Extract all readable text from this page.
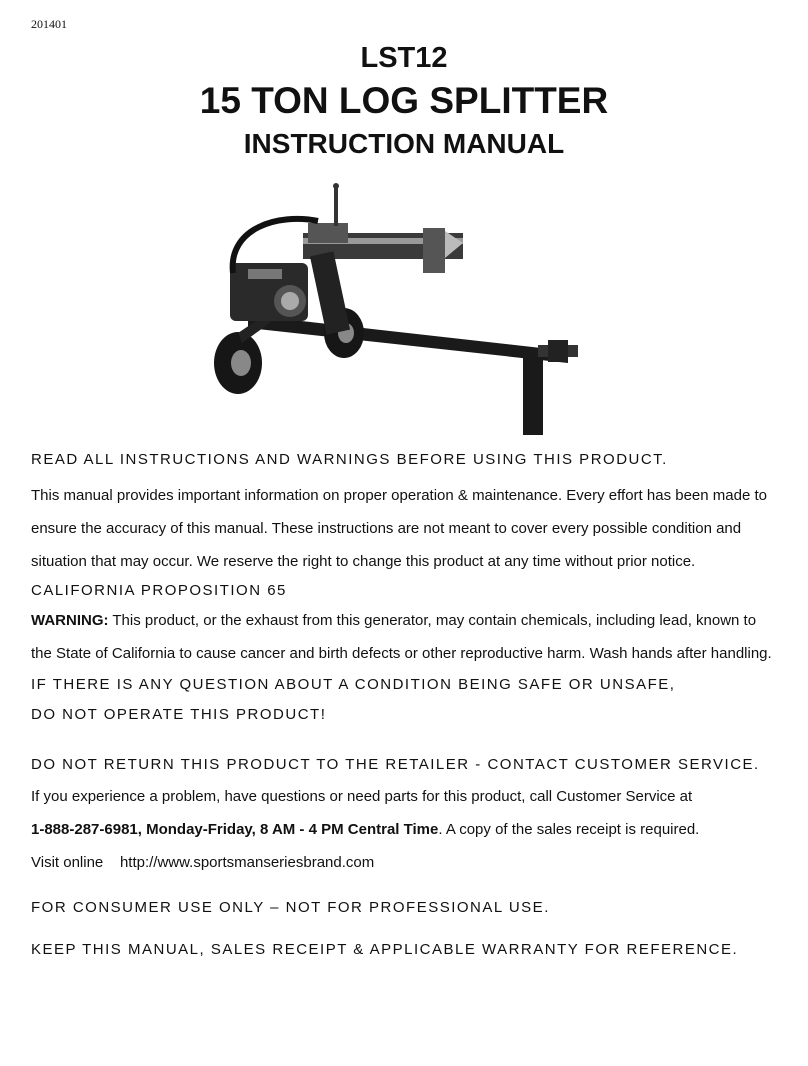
201401
LST12
15 TON LOG SPLITTER
INSTRUCTION MANUAL
READ ALL INSTRUCTIONS AND WARNINGS BEFORE USING THIS PRODUCT.
This manual provides important information on proper operation & maintenance. Every effort has been made to ensure the accuracy of this manual. These instructions are not meant to cover every possible condition and situation that may occur. We reserve the right to change this product at any time without prior notice.
CALIFORNIA PROPOSITION 65
WARNING: This product, or the exhaust from this generator, may contain chemicals, including lead, known to the State of California to cause cancer and birth defects or other reproductive harm. Wash hands after handling.
IF THERE IS ANY QUESTION ABOUT A CONDITION BEING SAFE OR UNSAFE,
DO NOT OPERATE THIS PRODUCT!
DO NOT RETURN THIS PRODUCT TO THE RETAILER - CONTACT CUSTOMER SERVICE.
If you experience a problem, have questions or need parts for this product, call Customer Service at
1-888-287-6981, Monday-Friday, 8 AM - 4 PM Central Time. A copy of the sales receipt is required.
Visit online http://www.sportsmanseriesbrand.com
FOR CONSUMER USE ONLY – NOT FOR PROFESSIONAL USE.
KEEP THIS MANUAL, SALES RECEIPT & APPLICABLE WARRANTY FOR REFERENCE.
